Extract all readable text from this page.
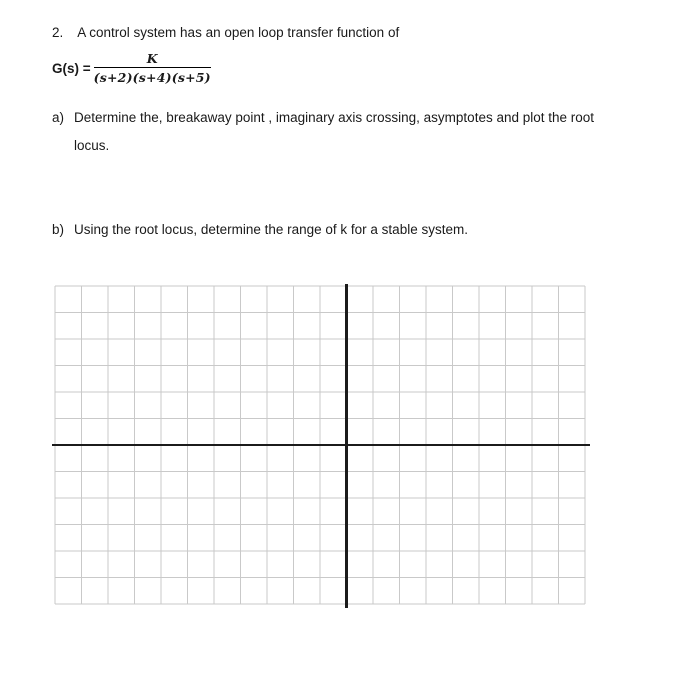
2. A control system has an open loop transfer function of
$G(s) = \frac{K}{(s+2)(s+4)(s+5)}$
a) Determine the, breakaway point , imaginary axis crossing, asymptotes and plot the root locus.
b) Using the root locus, determine the range of k for a stable system.
